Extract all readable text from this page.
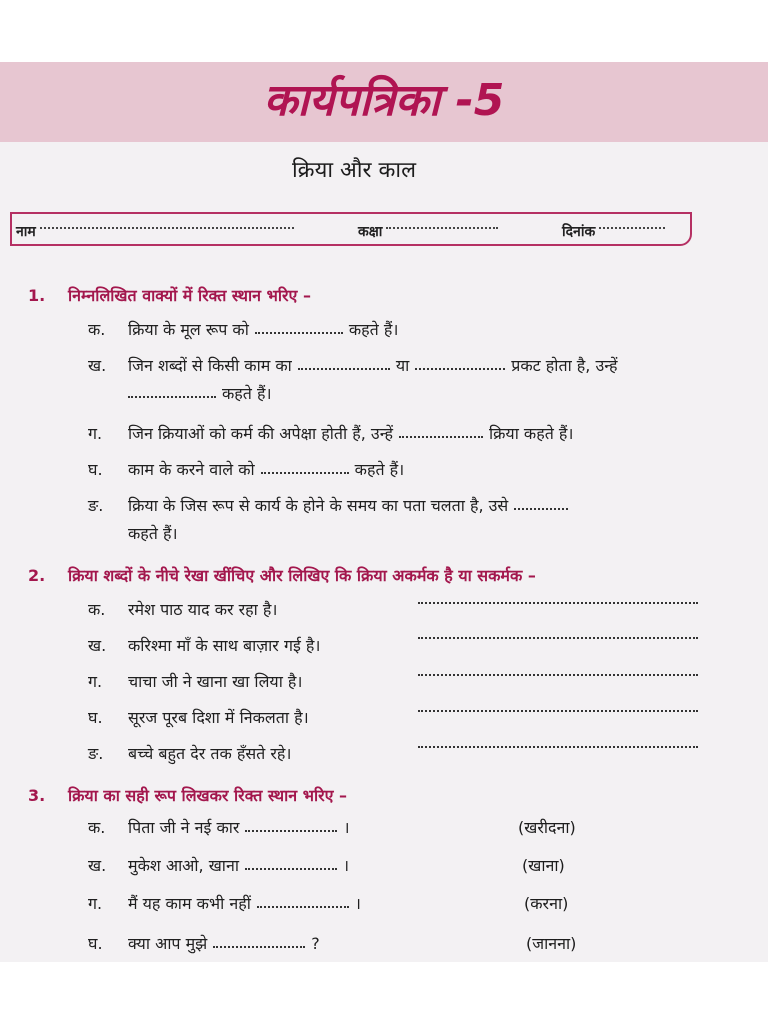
कार्यपत्रिका -5
क्रिया और काल
नाम	कक्षा	दिनांक
1. निम्नलिखित वाक्यों में रिक्त स्थान भरिए –
क. क्रिया के मूल रूप को	कहते हैं।
ख. जिन शब्दों से किसी काम का	या	प्रकट होता है, उन्हें
कहते हैं।
ग. जिन क्रियाओं को कर्म की अपेक्षा होती हैं, उन्हें	क्रिया कहते हैं।
घ. काम के करने वाले को	कहते हैं।
ङ. क्रिया के जिस रूप से कार्य के होने के समय का पता चलता है, उसे
कहते हैं।
2. क्रिया शब्दों के नीचे रेखा खींचिए और लिखिए कि क्रिया अकर्मक है या सकर्मक –
क. रमेश पाठ याद कर रहा है।
ख. करिश्मा माँ के साथ बाज़ार गई है।
ग. चाचा जी ने खाना खा लिया है।
घ. सूरज पूरब दिशा में निकलता है।
ङ. बच्चे बहुत देर तक हँसते रहे।
3. क्रिया का सही रूप लिखकर रिक्त स्थान भरिए –
क. पिता जी ने नई कार	।	(खरीदना)
ख. मुकेश आओ, खाना	।	(खाना)
ग. मैं यह काम कभी नहीं	।	(करना)
घ. क्या आप मुझे	?	(जानना)
